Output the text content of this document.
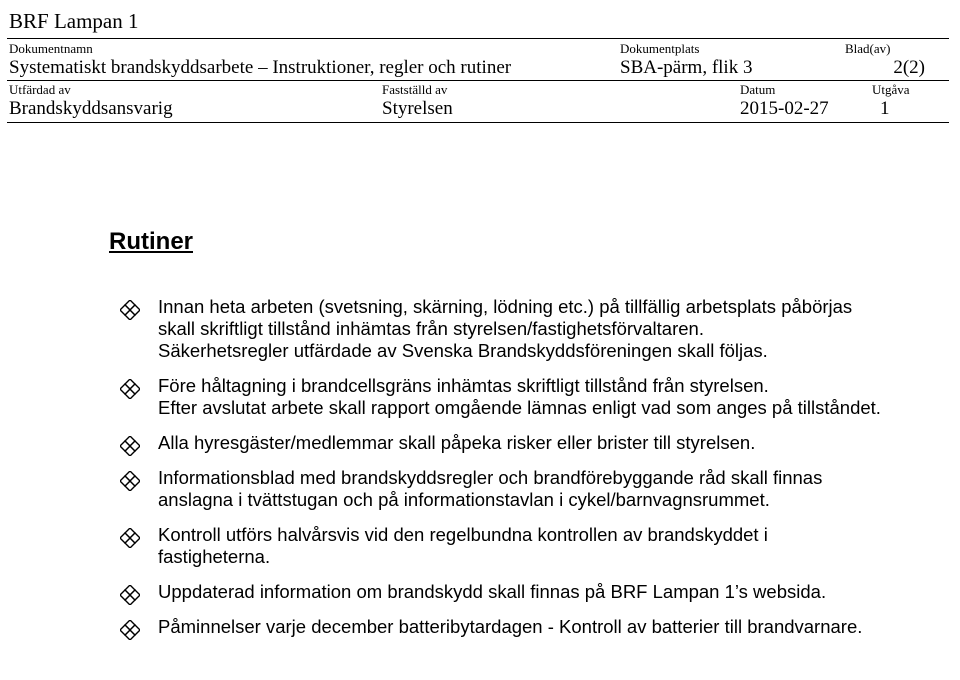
BRF Lampan 1
Dokumentnamn
Systematiskt brandskyddsarbete – Instruktioner, regler och rutiner
Dokumentplats
SBA-pärm, flik 3
Blad(av)
2(2)
Utfärdad av
Brandskyddsansvarig
Fastställd av
Styrelsen
Datum
2015-02-27
Utgåva
1
Rutiner
Innan heta arbeten (svetsning, skärning, lödning etc.) på tillfällig arbetsplats påbörjas
skall skriftligt tillstånd inhämtas från styrelsen/fastighetsförvaltaren.
Säkerhetsregler utfärdade av Svenska Brandskyddsföreningen skall följas.
Före håltagning i brandcellsgräns inhämtas skriftligt tillstånd från styrelsen.
Efter avslutat arbete skall rapport omgående lämnas enligt vad som anges på tillståndet.
Alla hyresgäster/medlemmar skall påpeka risker eller brister till styrelsen.
Informationsblad med brandskyddsregler och brandförebyggande råd skall finnas
anslagna i tvättstugan och på informationstavlan i cykel/barnvagnsrummet.
Kontroll utförs halvårsvis vid den regelbundna kontrollen av brandskyddet i
fastigheterna.
Uppdaterad information om brandskydd skall finnas på BRF Lampan 1’s websida.
Påminnelser varje december batteribytardagen - Kontroll av batterier till brandvarnare.
